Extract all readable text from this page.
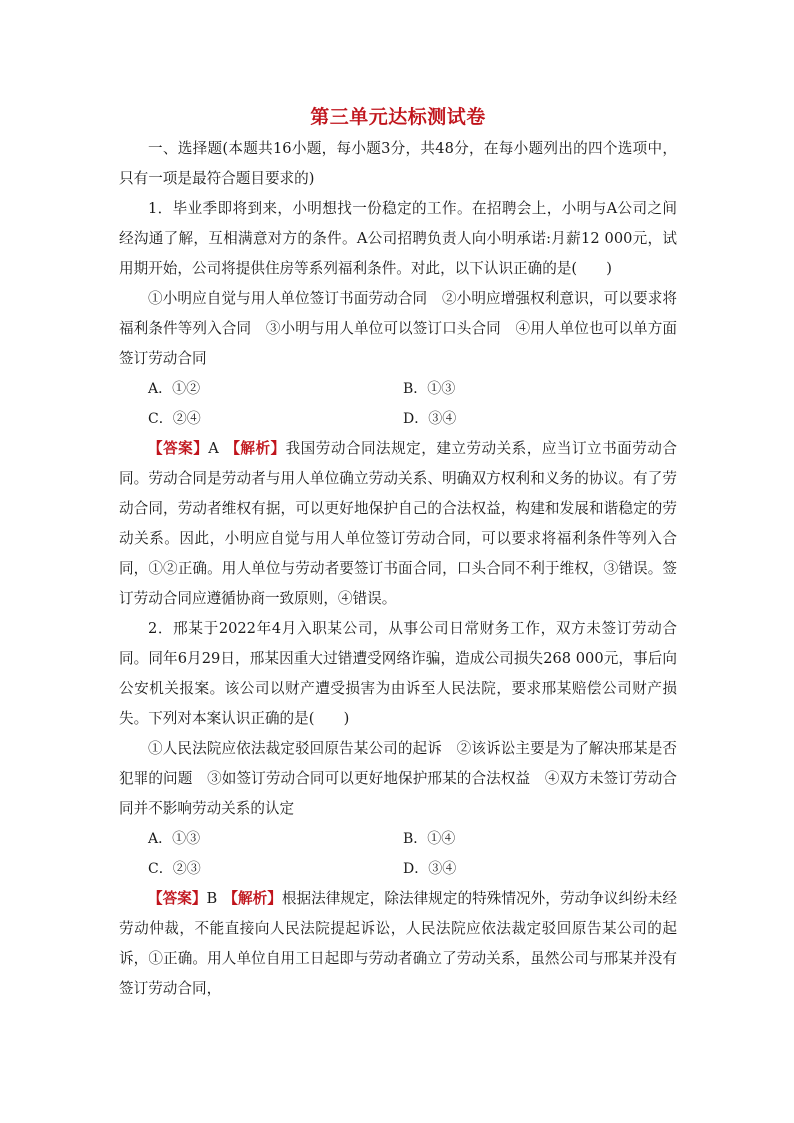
第三单元达标测试卷

一、选择题(本题共16小题，每小题3分，共48分，在每小题列出的四个选项中，只有一项是最符合题目要求的)

1．毕业季即将到来，小明想找一份稳定的工作。在招聘会上，小明与A公司之间经沟通了解，互相满意对方的条件。A公司招聘负责人向小明承诺:月薪12 000元，试用期开始，公司将提供住房等系列福利条件。对此，以下认识正确的是(　　)

①小明应自觉与用人单位签订书面劳动合同　②小明应增强权利意识，可以要求将福利条件等列入合同　③小明与用人单位可以签订口头合同　④用人单位也可以单方面签订劳动合同

A．①②	B．①③
C．②④	D．③④

【答案】A 【解析】我国劳动合同法规定，建立劳动关系，应当订立书面劳动合同。劳动合同是劳动者与用人单位确立劳动关系、明确双方权利和义务的协议。有了劳动合同，劳动者维权有据，可以更好地保护自己的合法权益，构建和发展和谐稳定的劳动关系。因此，小明应自觉与用人单位签订劳动合同，可以要求将福利条件等列入合同，①②正确。用人单位与劳动者要签订书面合同，口头合同不利于维权，③错误。签订劳动合同应遵循协商一致原则，④错误。

2．邢某于2022年4月入职某公司，从事公司日常财务工作，双方未签订劳动合同。同年6月29日，邢某因重大过错遭受网络诈骗，造成公司损失268 000元，事后向公安机关报案。该公司以财产遭受损害为由诉至人民法院，要求邢某赔偿公司财产损失。下列对本案认识正确的是(　　)

①人民法院应依法裁定驳回原告某公司的起诉　②该诉讼主要是为了解决邢某是否犯罪的问题　③如签订劳动合同可以更好地保护邢某的合法权益　④双方未签订劳动合同并不影响劳动关系的认定

A．①③	B．①④
C．②③	D．③④

【答案】B 【解析】根据法律规定，除法律规定的特殊情况外，劳动争议纠纷未经劳动仲裁，不能直接向人民法院提起诉讼，人民法院应依法裁定驳回原告某公司的起诉，①正确。用人单位自用工日起即与劳动者确立了劳动关系，虽然公司与邢某并没有签订劳动合同，
